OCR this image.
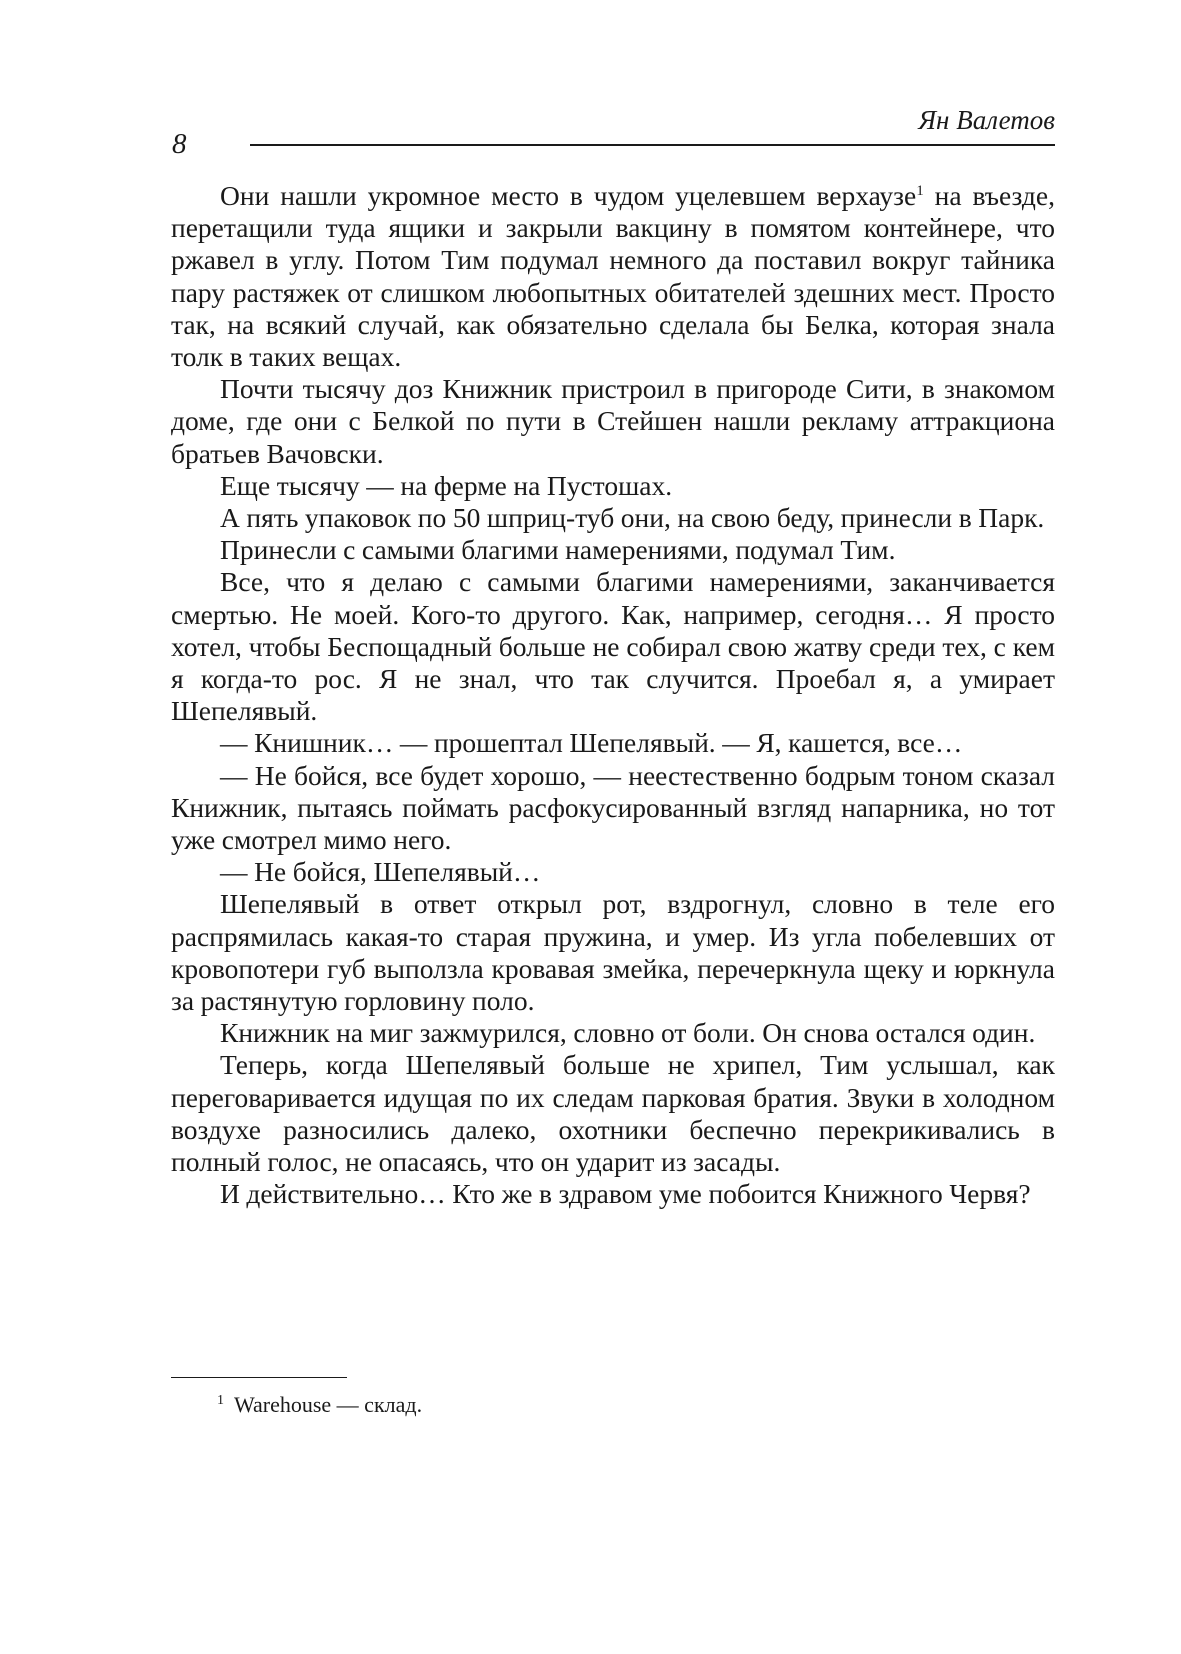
8
Ян Валетов

Они нашли укромное место в чудом уцелевшем верхаузе$^1$ на въезде, перетащили туда ящики и закрыли вакцину в помятом контейнере, что ржавел в углу. Потом Тим подумал немного да поставил вокруг тайника пару растяжек от слишком любопытных обитателей здешних мест. Просто так, на всякий случай, как обязательно сделала бы Белка, которая знала толк в таких вещах.

Почти тысячу доз Книжник пристроил в пригороде Сити, в знакомом доме, где они с Белкой по пути в Стейшен нашли рекламу аттракциона братьев Вачовски.

Еще тысячу — на ферме на Пустошах.

А пять упаковок по 50 шприц-туб они, на свою беду, принесли в Парк.

Принесли с самыми благими намерениями, подумал Тим.

Все, что я делаю с самыми благими намерениями, заканчивается смертью. Не моей. Кого-то другого. Как, например, сегодня… Я просто хотел, чтобы Беспощадный больше не собирал свою жатву среди тех, с кем я когда-то рос. Я не знал, что так случится. Проебал я, а умирает Шепелявый.

— Книшник… — прошептал Шепелявый. — Я, кашется, все…

— Не бойся, все будет хорошо, — неестественно бодрым тоном сказал Книжник, пытаясь поймать расфокусированный взгляд напарника, но тот уже смотрел мимо него.

— Не бойся, Шепелявый…

Шепелявый в ответ открыл рот, вздрогнул, словно в теле его распрямилась какая-то старая пружина, и умер. Из угла побелевших от кровопотери губ выползла кровавая змейка, перечеркнула щеку и юркнула за растянутую горловину поло.

Книжник на миг зажмурился, словно от боли. Он снова остался один.

Теперь, когда Шепелявый больше не хрипел, Тим услышал, как переговаривается идущая по их следам парковая братия. Звуки в холодном воздухе разносились далеко, охотники беспечно перекрикивались в полный голос, не опасаясь, что он ударит из засады.

И действительно… Кто же в здравом уме побоится Книжного Червя?

$^1$ Warehouse — склад.
